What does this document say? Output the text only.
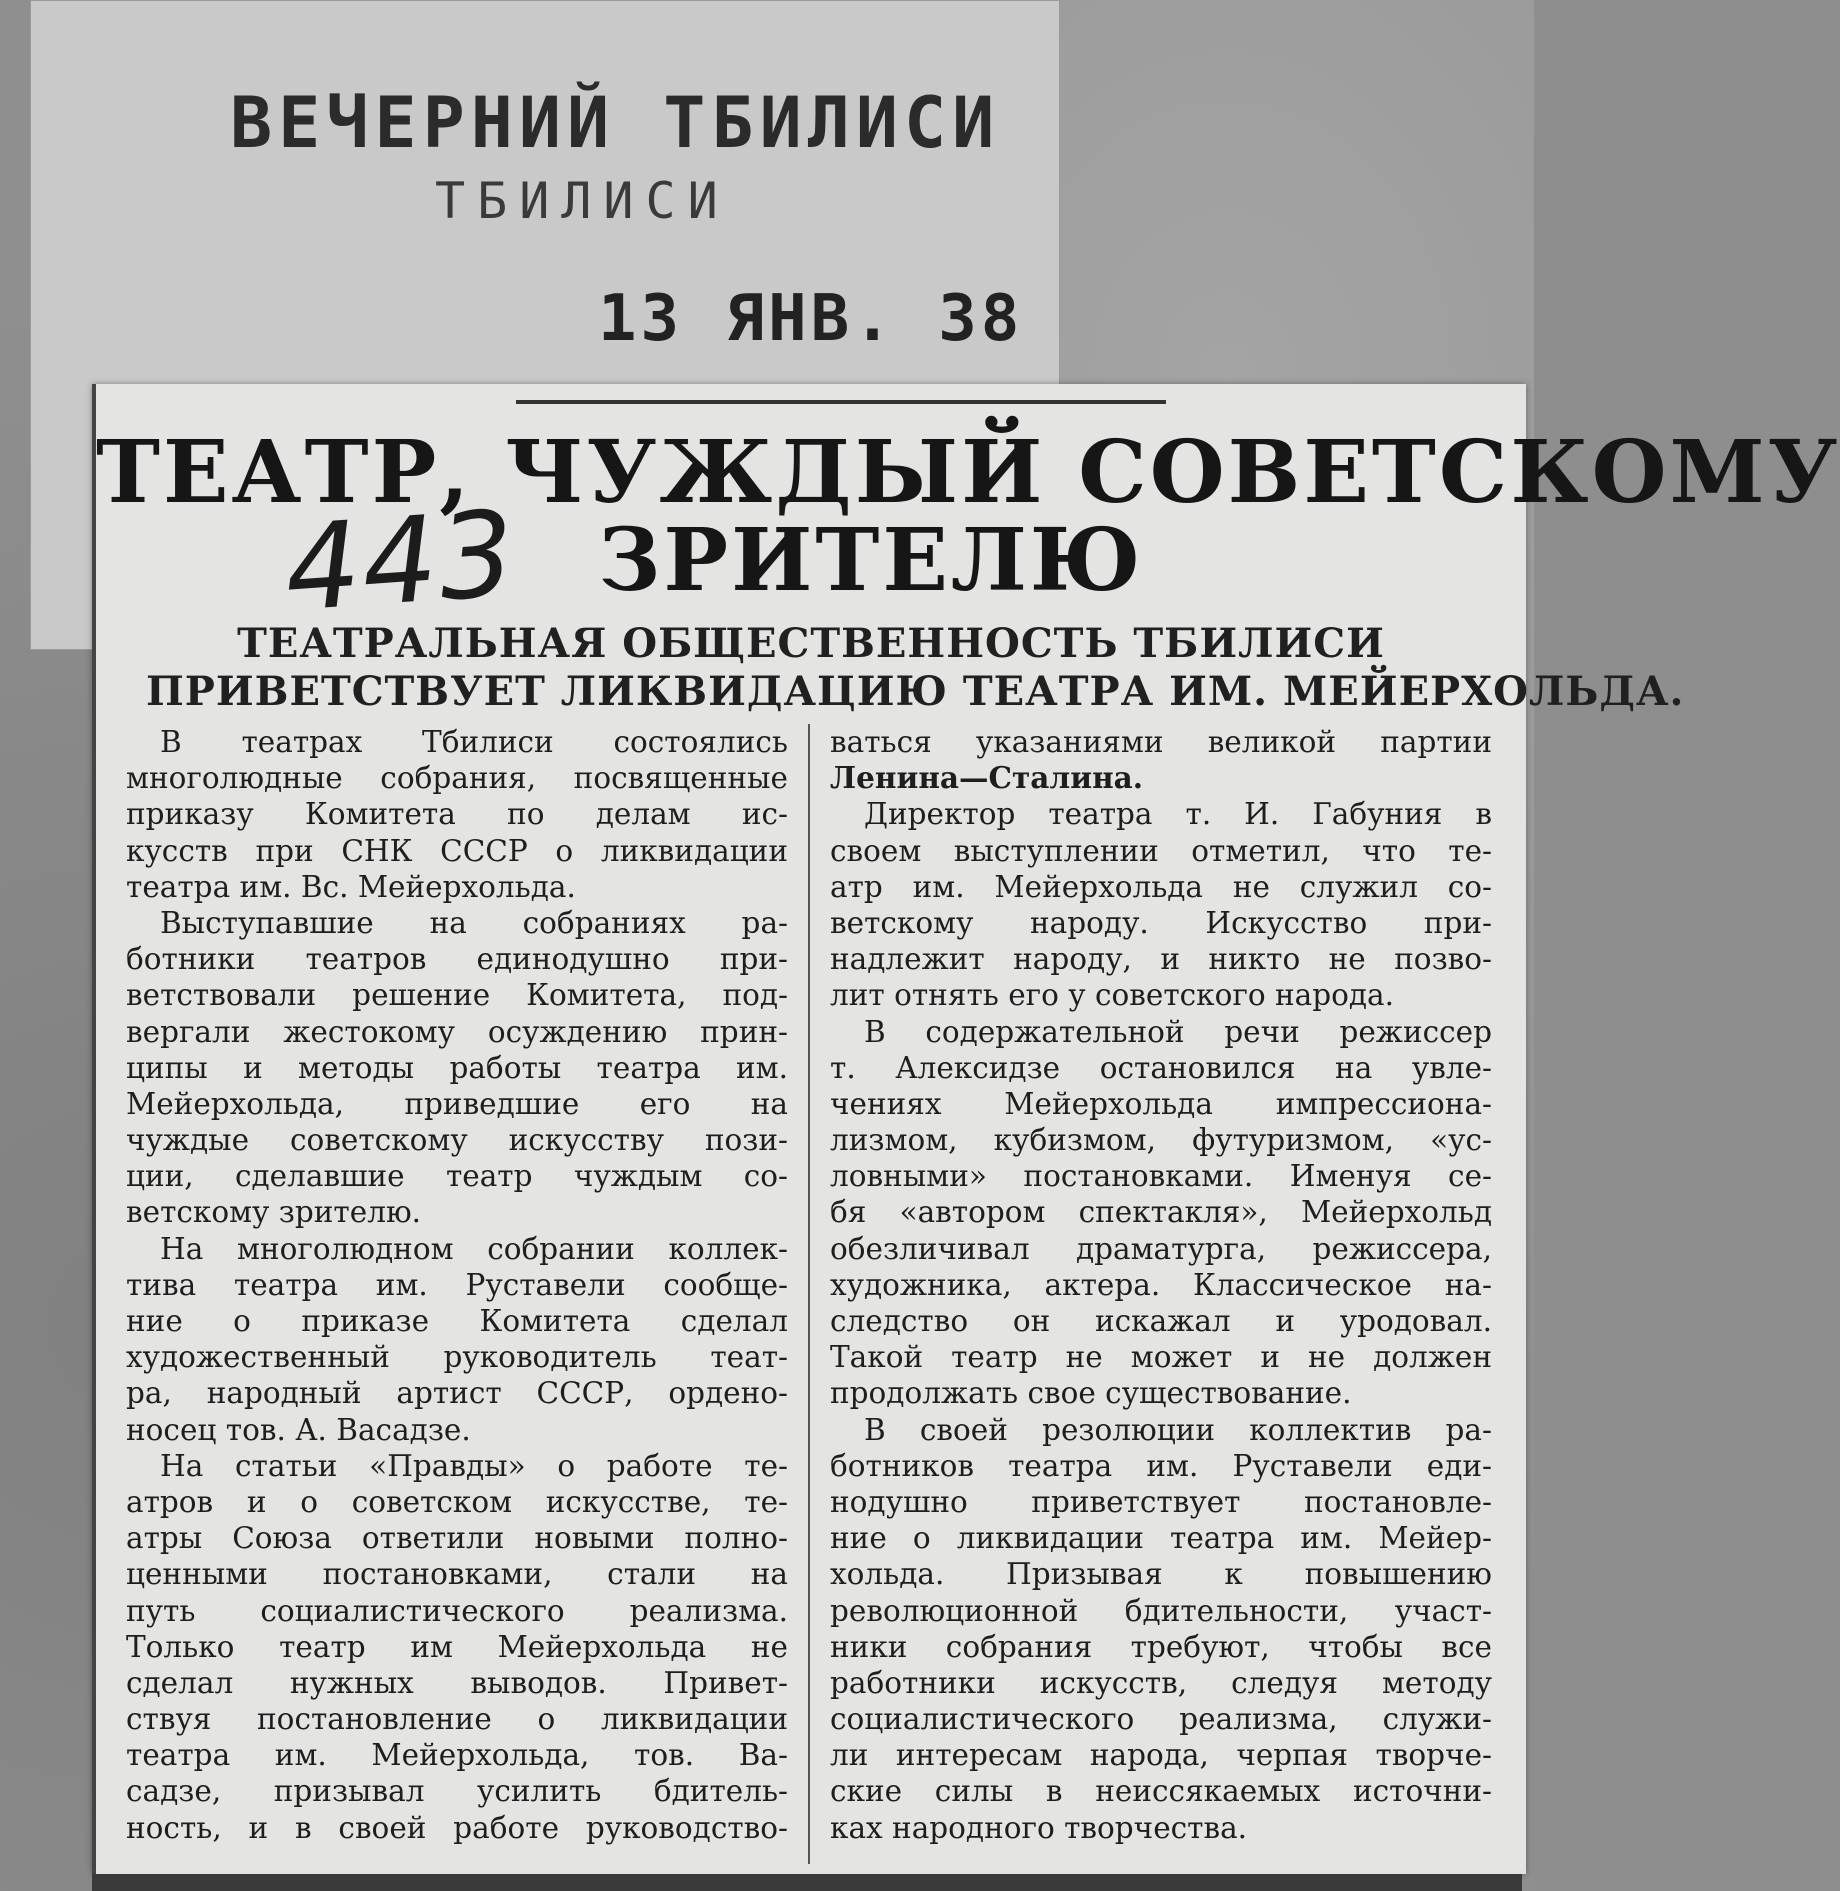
ВЕЧЕРНИЙ ТБИЛИСИ
ТБИЛИСИ
13 ЯНВ. 38
ТЕАТР, ЧУЖДЫЙ СОВЕТСКОМУ
ЗРИТЕЛЮ
ТЕАТРАЛЬНАЯ ОБЩЕСТВЕННОСТЬ ТБИЛИСИ
ПРИВЕТСТВУЕТ ЛИКВИДАЦИЮ ТЕАТРА ИМ. МЕЙЕРХОЛЬДА.
В театрах Тбилиси состоялись
многолюдные собрания, посвященные
приказу Комитета по делам ис-
кусств при СНК СССР о ликвидации
театра им. Вс. Мейерхольда.
Выступавшие на собраниях ра-
ботники театров единодушно при-
ветствовали решение Комитета, под-
вергали жестокому осуждению прин-
ципы и методы работы театра им.
Мейерхольда, приведшие его на
чуждые советскому искусству пози-
ции, сделавшие театр чуждым со-
ветскому зрителю.
На многолюдном собрании коллек-
тива театра им. Руставели сообще-
ние о приказе Комитета сделал
художественный руководитель теат-
ра, народный артист СССР, ордено-
носец тов. А. Васадзе.
На статьи «Правды» о работе те-
атров и о советском искусстве, те-
атры Союза ответили новыми полно-
ценными постановками, стали на
путь социалистического реализма.
Только театр им Мейерхольда не
сделал нужных выводов. Привет-
ствуя постановление о ликвидации
театра им. Мейерхольда, тов. Ва-
садзе, призывал усилить бдитель-
ность, и в своей работе руководство-
ваться указаниями великой партии
Ленина—Сталина.
Директор театра т. И. Габуния в
своем выступлении отметил, что те-
атр им. Мейерхольда не служил со-
ветскому народу. Искусство при-
надлежит народу, и никто не позво-
лит отнять его у советского народа.
В содержательной речи режиссер
т. Алексидзе остановился на увле-
чениях Мейерхольда импрессиона-
лизмом, кубизмом, футуризмом, «ус-
ловными» постановками. Именуя се-
бя «автором спектакля», Мейерхольд
обезличивал драматурга, режиссера,
художника, актера. Классическое на-
следство он искажал и уродовал.
Такой театр не может и не должен
продолжать свое существование.
В своей резолюции коллектив ра-
ботников театра им. Руставели еди-
нодушно приветствует постановле-
ние о ликвидации театра им. Мейер-
хольда. Призывая к повышению
революционной бдительности, участ-
ники собрания требуют, чтобы все
работники искусств, следуя методу
социалистического реализма, служи-
ли интересам народа, черпая творче-
ские силы в неиссякаемых источни-
ках народного творчества.
443
